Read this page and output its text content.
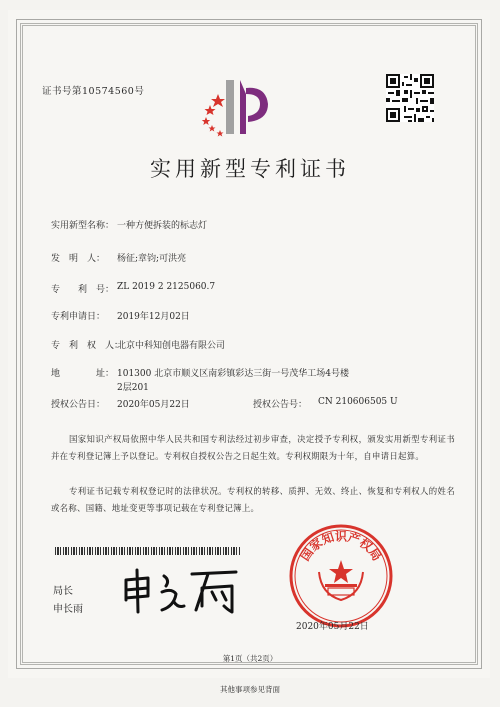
证书号第10574560号
实用新型专利证书
实用新型名称： 一种方便拆装的标志灯
发　明　人： 杨征;章钧;可洪亮
专　　利　号： ZL 2019 2 2125060.7
专利申请日： 2019年12月02日
专　利　权　人：
北京中科知创电器有限公司
地　　　　址： 101300 北京市顺义区南彩镇彩达三街一号茂华工场4号楼
2层201
授权公告日： 2020年05月22日	授权公告号： CN 210606505 U
国家知识产权局依照中华人民共和国专利法经过初步审查，决定授予专利权，颁发实用新型专利证书并在专利登记簿上予以登记。专利权自授权公告之日起生效。专利权期限为十年，自申请日起算。
专利证书记载专利权登记时的法律状况。专利权的转移、质押、无效、终止、恢复和专利权人的姓名或名称、国籍、地址变更等事项记载在专利登记簿上。
局长
申长雨
国家知识产权局
2020年05月22日
第1页（共2页）
其他事项参见背面
